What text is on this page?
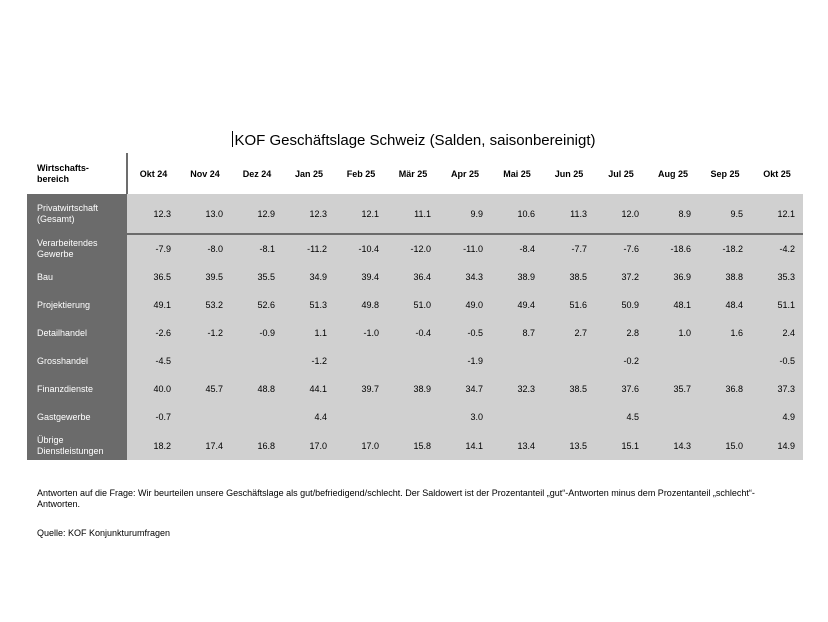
KOF Geschäftslage Schweiz (Salden, saisonbereinigt)
Wirtschafts-
bereich	Okt 24	Nov 24	Dez 24	Jan 25	Feb 25	Mär 25	Apr 25	Mai 25	Jun 25	Jul 25	Aug 25	Sep 25	Okt 25
Privatwirtschaft
(Gesamt)	12.3	13.0	12.9	12.3	12.1	11.1	9.9	10.6	11.3	12.0	8.9	9.5	12.1
Verarbeitendes
Gewerbe	-7.9	-8.0	-8.1	-11.2	-10.4	-12.0	-11.0	-8.4	-7.7	-7.6	-18.6	-18.2	-4.2
Bau	36.5	39.5	35.5	34.9	39.4	36.4	34.3	38.9	38.5	37.2	36.9	38.8	35.3
Projektierung	49.1	53.2	52.6	51.3	49.8	51.0	49.0	49.4	51.6	50.9	48.1	48.4	51.1
Detailhandel	-2.6	-1.2	-0.9	1.1	-1.0	-0.4	-0.5	8.7	2.7	2.8	1.0	1.6	2.4
Grosshandel	-4.5			-1.2			-1.9			-0.2			-0.5
Finanzdienste	40.0	45.7	48.8	44.1	39.7	38.9	34.7	32.3	38.5	37.6	35.7	36.8	37.3
Gastgewerbe	-0.7			4.4			3.0			4.5			4.9
Übrige
Dienstleistungen	18.2	17.4	16.8	17.0	17.0	15.8	14.1	13.4	13.5	15.1	14.3	15.0	14.9
Antworten auf die Frage: Wir beurteilen unsere Geschäftslage als gut/befriedigend/schlecht. Der Saldowert ist der Prozentanteil „gut“-Antworten minus dem Prozentanteil „schlecht“-Antworten.
Quelle: KOF Konjunkturumfragen
